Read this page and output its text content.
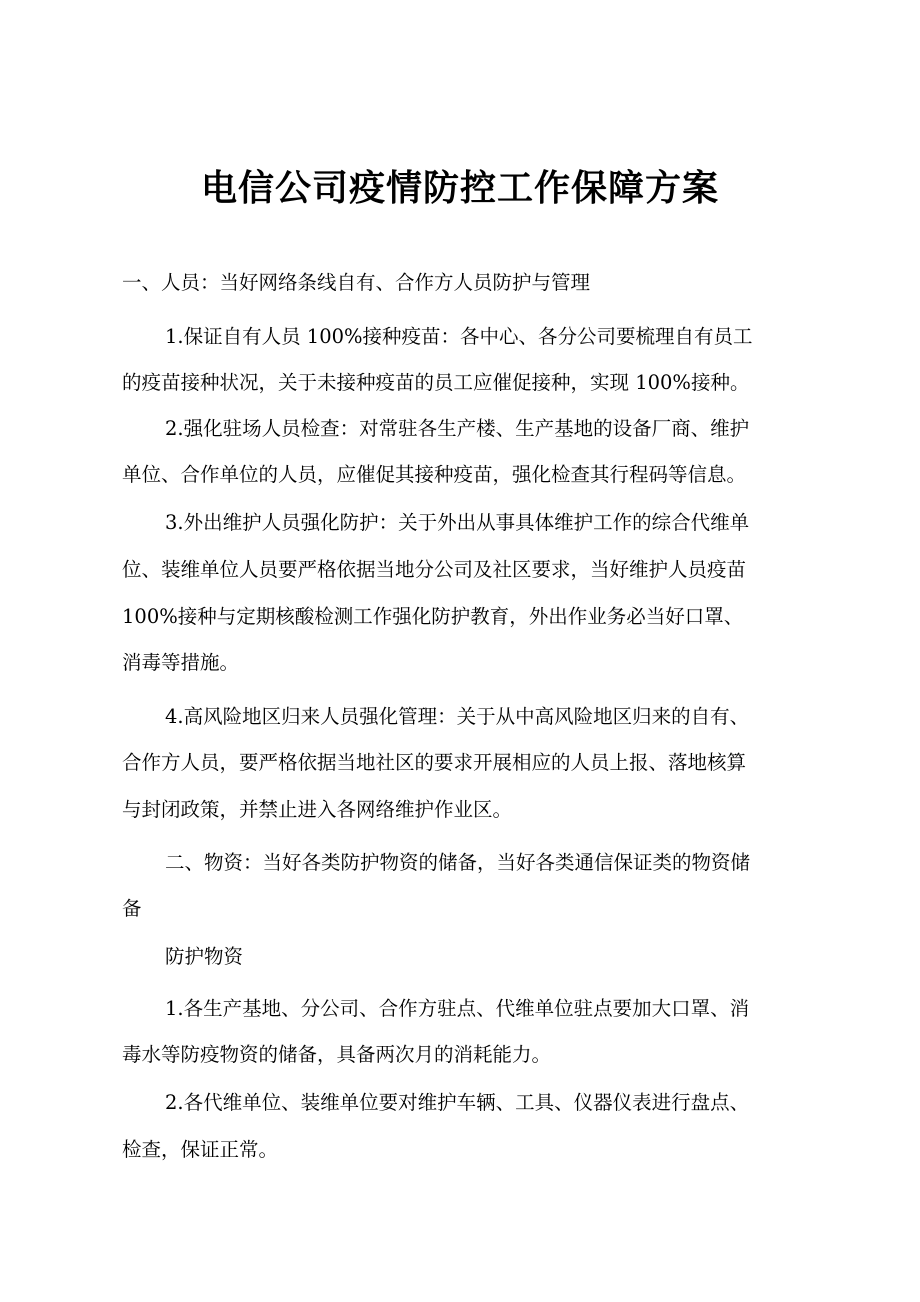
电信公司疫情防控工作保障方案
一、人员：当好网络条线自有、合作方人员防护与管理
1.保证自有人员 100%接种疫苗：各中心、各分公司要梳理自有员工
的疫苗接种状况，关于未接种疫苗的员工应催促接种，实现 100%接种。
2.强化驻场人员检查：对常驻各生产楼、生产基地的设备厂商、维护
单位、合作单位的人员，应催促其接种疫苗，强化检查其行程码等信息。
3.外出维护人员强化防护：关于外出从事具体维护工作的综合代维单
位、装维单位人员要严格依据当地分公司及社区要求，当好维护人员疫苗
100%接种与定期核酸检测工作强化防护教育，外出作业务必当好口罩、
消毒等措施。
4.高风险地区归来人员强化管理：关于从中高风险地区归来的自有、
合作方人员，要严格依据当地社区的要求开展相应的人员上报、落地核算
与封闭政策，并禁止进入各网络维护作业区。
二、物资：当好各类防护物资的储备，当好各类通信保证类的物资储
备
防护物资
1.各生产基地、分公司、合作方驻点、代维单位驻点要加大口罩、消
毒水等防疫物资的储备，具备两次月的消耗能力。
2.各代维单位、装维单位要对维护车辆、工具、仪器仪表进行盘点、
检查，保证正常。
